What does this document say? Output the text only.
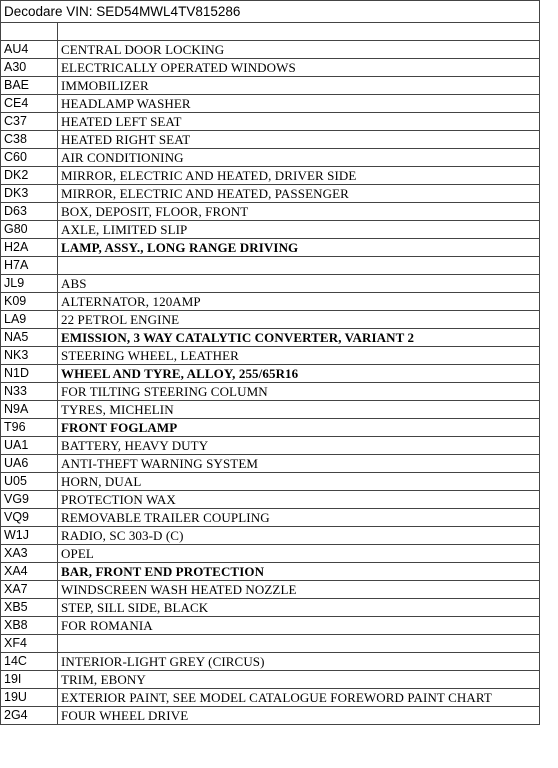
Decodare VIN: SED54MWL4TV815286

AU4	CENTRAL DOOR LOCKING
A30	ELECTRICALLY OPERATED WINDOWS
BAE	IMMOBILIZER
CE4	HEADLAMP WASHER
C37	HEATED LEFT SEAT
C38	HEATED RIGHT SEAT
C60	AIR CONDITIONING
DK2	MIRROR, ELECTRIC AND HEATED, DRIVER SIDE
DK3	MIRROR, ELECTRIC AND HEATED, PASSENGER
D63	BOX, DEPOSIT, FLOOR, FRONT
G80	AXLE, LIMITED SLIP
H2A	LAMP, ASSY., LONG RANGE DRIVING
H7A	
JL9	ABS
K09	ALTERNATOR, 120AMP
LA9	22 PETROL ENGINE
NA5	EMISSION, 3 WAY CATALYTIC CONVERTER, VARIANT 2
NK3	STEERING WHEEL, LEATHER
N1D	WHEEL AND TYRE, ALLOY, 255/65R16
N33	FOR TILTING STEERING COLUMN
N9A	TYRES, MICHELIN
T96	FRONT FOGLAMP
UA1	BATTERY, HEAVY DUTY
UA6	ANTI-THEFT WARNING SYSTEM
U05	HORN, DUAL
VG9	PROTECTION WAX
VQ9	REMOVABLE TRAILER COUPLING
W1J	RADIO, SC 303-D (C)
XA3	OPEL
XA4	BAR, FRONT END PROTECTION
XA7	WINDSCREEN WASH HEATED NOZZLE
XB5	STEP, SILL SIDE, BLACK
XB8	FOR ROMANIA
XF4	
14C	INTERIOR-LIGHT GREY (CIRCUS)
19I	TRIM, EBONY
19U	EXTERIOR PAINT, SEE MODEL CATALOGUE FOREWORD PAINT CHART
2G4	FOUR WHEEL DRIVE
